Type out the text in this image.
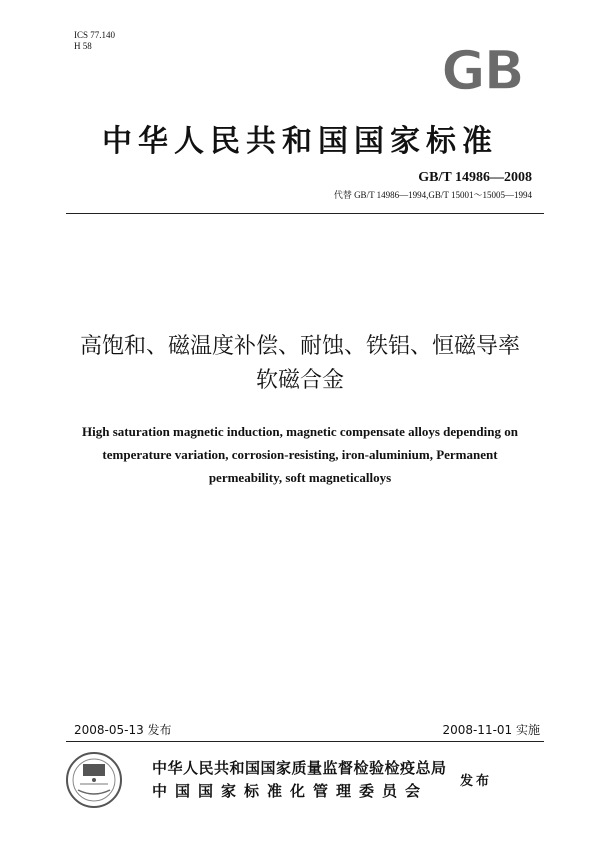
ICS 77.140
H 58	GB
中华人民共和国国家标准
GB/T 14986—2008
代替 GB/T 14986—1994,GB/T 15001～15005—1994
高饱和、磁温度补偿、耐蚀、铁铝、恒磁导率
软磁合金
High saturation magnetic induction, magnetic compensate alloys depending on
temperature variation, corrosion-resisting, iron-aluminium, Permanent
permeability, soft magneticalloys
2008-05-13 发布	2008-11-01 实施
中华人民共和国国家质量监督检验检疫总局
中国国家标准化管理委员会
发布
